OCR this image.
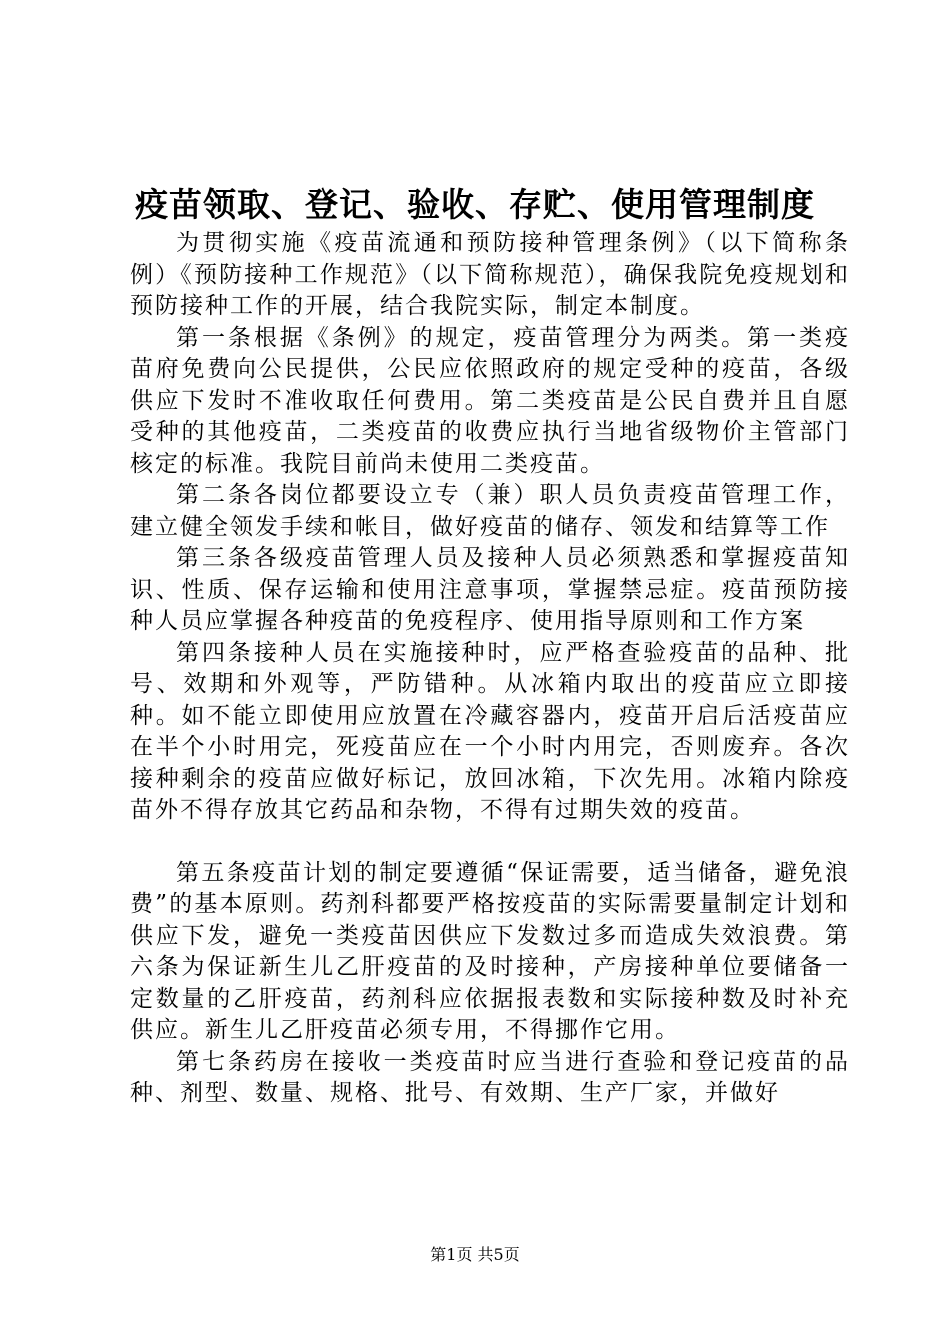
疫苗领取、登记、验收、存贮、使用管理制度

为贯彻实施《疫苗流通和预防接种管理条例》（以下简称条例）《预防接种工作规范》（以下简称规范），确保我院免疫规划和预防接种工作的开展，结合我院实际，制定本制度。

第一条根据《条例》的规定，疫苗管理分为两类。第一类疫苗府免费向公民提供，公民应依照政府的规定受种的疫苗，各级供应下发时不准收取任何费用。第二类疫苗是公民自费并且自愿受种的其他疫苗，二类疫苗的收费应执行当地省级物价主管部门核定的标准。我院目前尚未使用二类疫苗。

第二条各岗位都要设立专（兼）职人员负责疫苗管理工作，建立健全领发手续和帐目，做好疫苗的储存、领发和结算等工作

第三条各级疫苗管理人员及接种人员必须熟悉和掌握疫苗知识、性质、保存运输和使用注意事项，掌握禁忌症。疫苗预防接种人员应掌握各种疫苗的免疫程序、使用指导原则和工作方案

第四条接种人员在实施接种时，应严格查验疫苗的品种、批号、效期和外观等，严防错种。从冰箱内取出的疫苗应立即接种。如不能立即使用应放置在冷藏容器内，疫苗开启后活疫苗应在半个小时用完，死疫苗应在一个小时内用完，否则废弃。各次接种剩余的疫苗应做好标记，放回冰箱，下次先用。冰箱内除疫苗外不得存放其它药品和杂物，不得有过期失效的疫苗。

第五条疫苗计划的制定要遵循“保证需要，适当储备，避免浪费”的基本原则。药剂科都要严格按疫苗的实际需要量制定计划和供应下发，避免一类疫苗因供应下发数过多而造成失效浪费。第六条为保证新生儿乙肝疫苗的及时接种，产房接种单位要储备一定数量的乙肝疫苗，药剂科应依据报表数和实际接种数及时补充供应。新生儿乙肝疫苗必须专用，不得挪作它用。

第七条药房在接收一类疫苗时应当进行查验和登记疫苗的品种、剂型、数量、规格、批号、有效期、生产厂家，并做好

第1页 共5页
